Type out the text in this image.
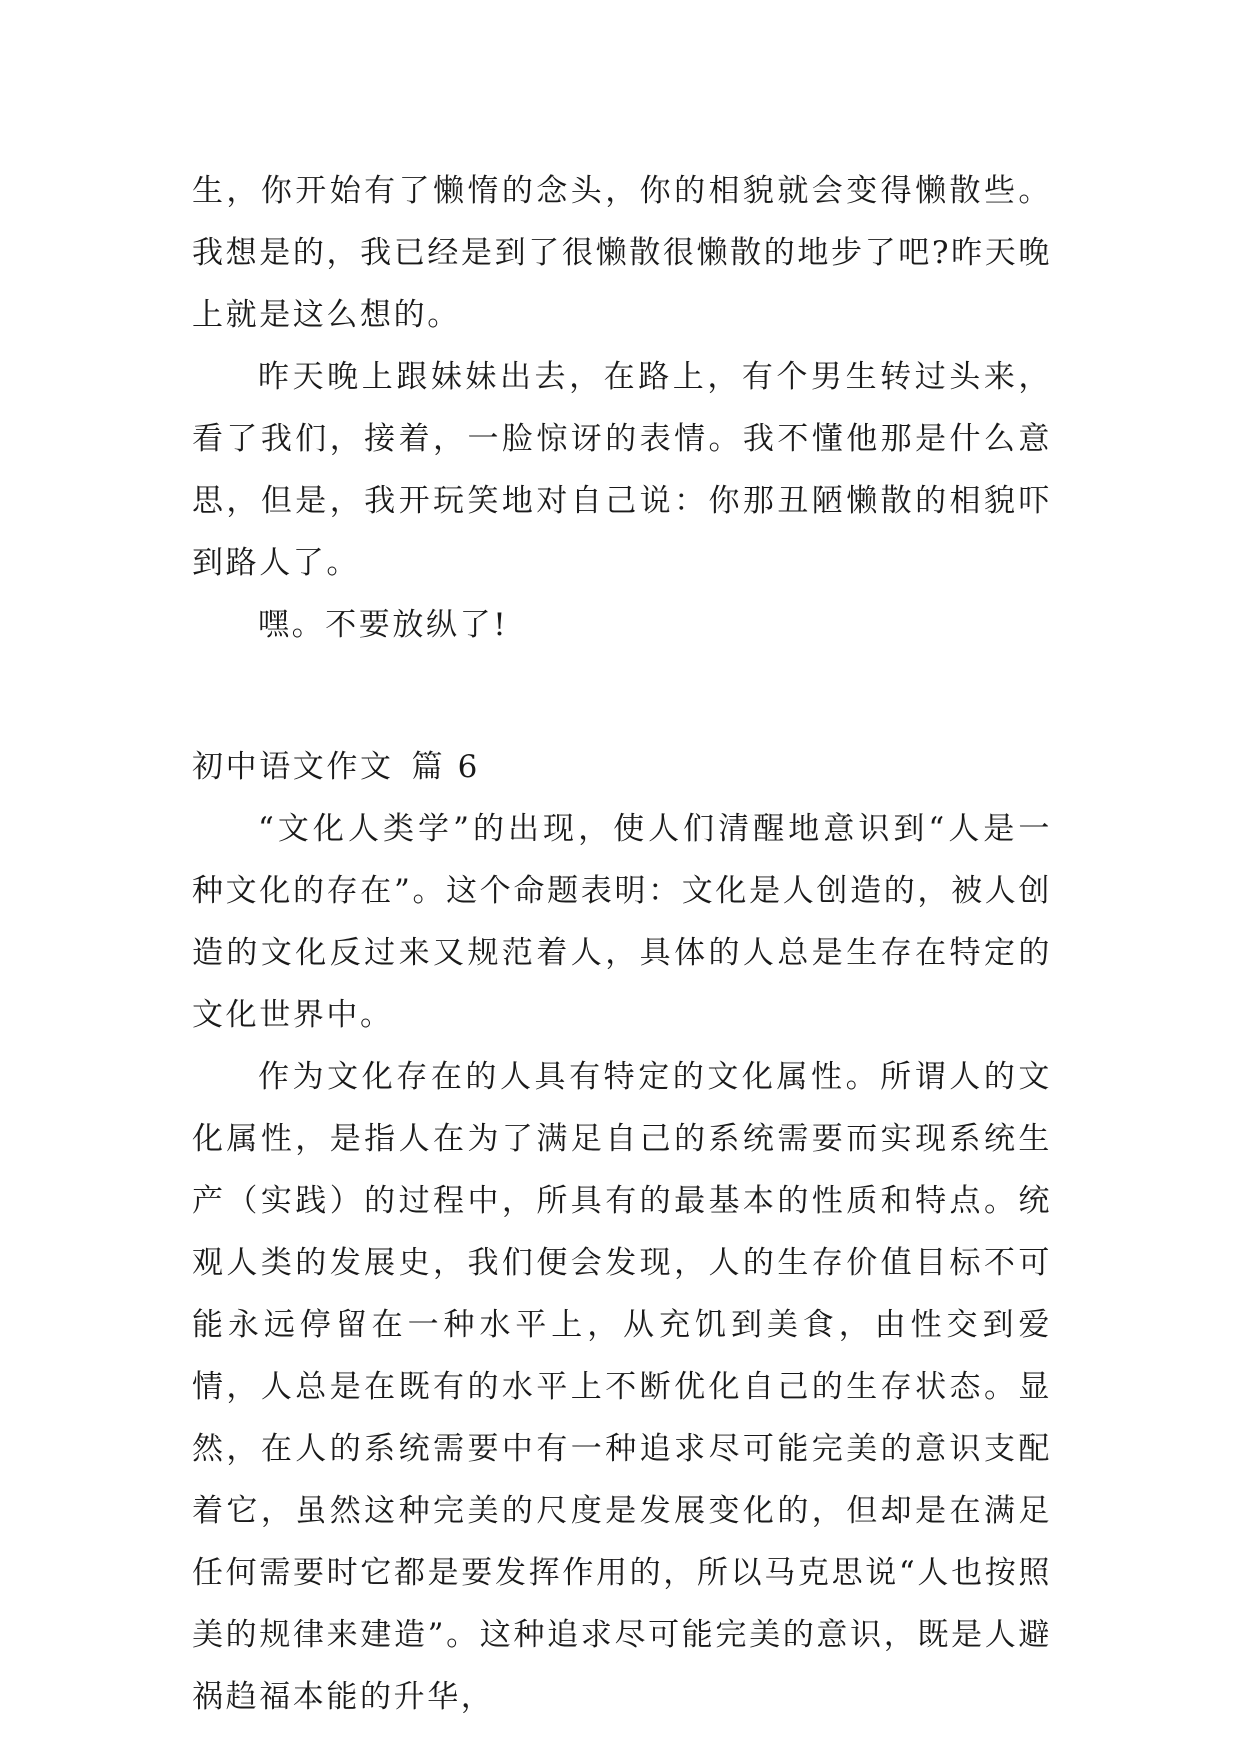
生，你开始有了懒惰的念头，你的相貌就会变得懒散些。我想是的，我已经是到了很懒散很懒散的地步了吧?昨天晚上就是这么想的。

昨天晚上跟妹妹出去，在路上，有个男生转过头来，看了我们，接着，一脸惊讶的表情。我不懂他那是什么意思，但是，我开玩笑地对自己说：你那丑陋懒散的相貌吓到路人了。

嘿。不要放纵了!

初中语文作文 篇 6

“文化人类学”的出现，使人们清醒地意识到“人是一种文化的存在”。这个命题表明：文化是人创造的，被人创造的文化反过来又规范着人，具体的人总是生存在特定的文化世界中。

作为文化存在的人具有特定的文化属性。所谓人的文化属性，是指人在为了满足自己的系统需要而实现系统生产（实践）的过程中，所具有的最基本的性质和特点。统观人类的发展史，我们便会发现，人的生存价值目标不可能永远停留在一种水平上，从充饥到美食，由性交到爱情，人总是在既有的水平上不断优化自己的生存状态。显然，在人的系统需要中有一种追求尽可能完美的意识支配着它，虽然这种完美的尺度是发展变化的，但却是在满足任何需要时它都是要发挥作用的，所以马克思说“人也按照美的规律来建造”。这种追求尽可能完美的意识，既是人避祸趋福本能的升华，
